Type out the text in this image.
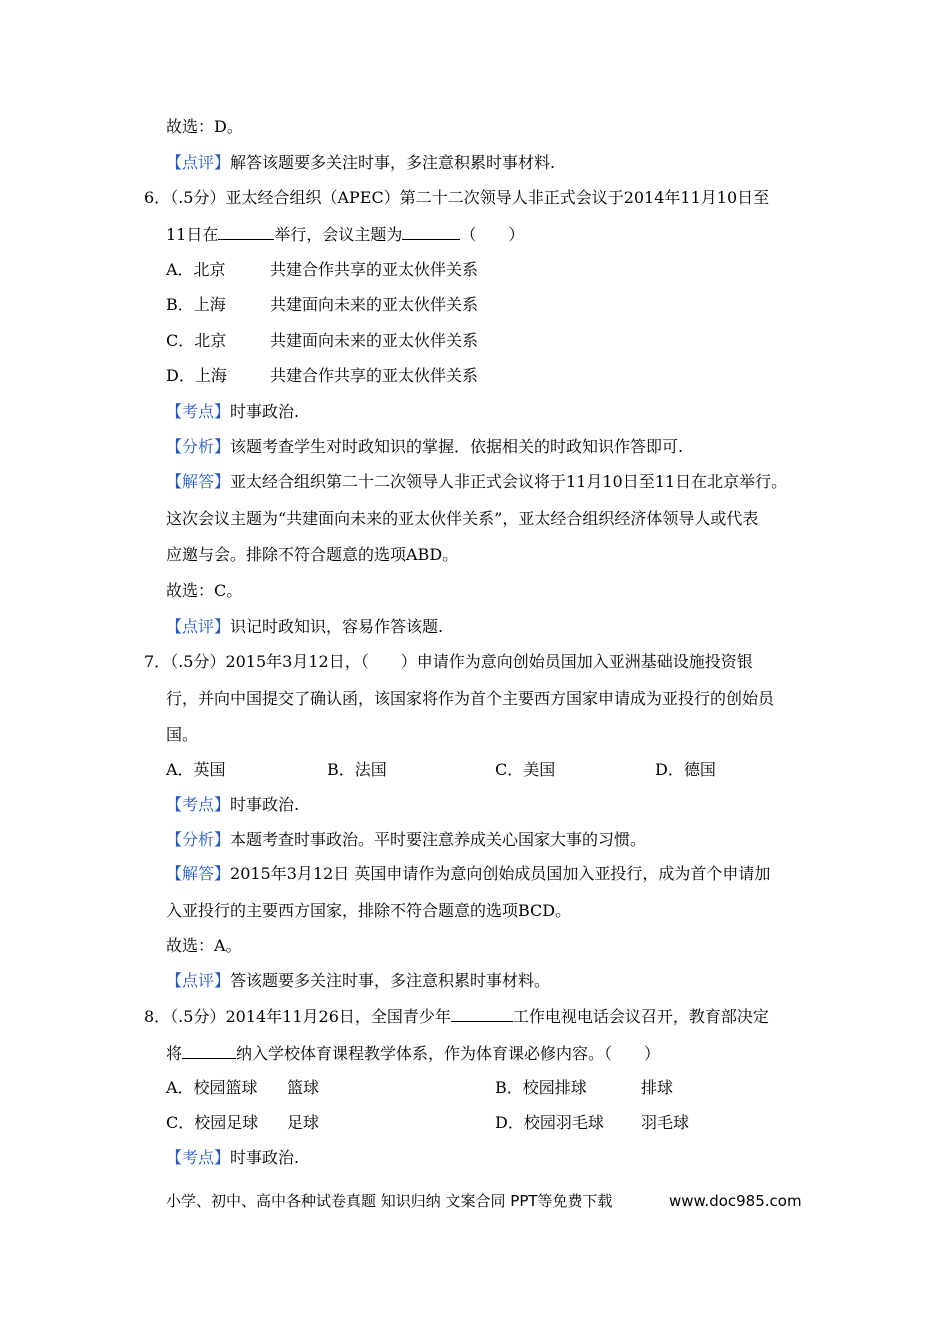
故选：D。
【点评】解答该题要多关注时事，多注意积累时事材料.
6．（.5分）亚太经合组织（APEC）第二十二次领导人非正式会议于2014年11月10日至
11日在	举行，会议主题为	（　　）
A．北京	共建合作共享的亚太伙伴关系
B．上海	共建面向未来的亚太伙伴关系
C．北京	共建面向未来的亚太伙伴关系
D．上海	共建合作共享的亚太伙伴关系
【考点】时事政治.
【分析】该题考查学生对时政知识的掌握．依据相关的时政知识作答即可.
【解答】亚太经合组织第二十二次领导人非正式会议将于11月10日至11日在北京举行。
这次会议主题为“共建面向未来的亚太伙伴关系”，亚太经合组织经济体领导人或代表
应邀与会。排除不符合题意的选项ABD。
故选：C。
【点评】识记时政知识，容易作答该题.
7．（.5分）2015年3月12日，（　　）申请作为意向创始员国加入亚洲基础设施投资银
行，并向中国提交了确认函，该国家将作为首个主要西方国家申请成为亚投行的创始员
国。
A．英国	B．法国	C．美国	D．德国
【考点】时事政治.
【分析】本题考查时事政治。平时要注意养成关心国家大事的习惯。
【解答】2015年3月12日 英国申请作为意向创始成员国加入亚投行，成为首个申请加
入亚投行的主要西方国家，排除不符合题意的选项BCD。
故选：A。
【点评】答该题要多关注时事，多注意积累时事材料。
8．（.5分）2014年11月26日，全国青少年	工作电视电话会议召开，教育部决定
将	纳入学校体育课程教学体系，作为体育课必修内容。（　　）
A．校园篮球 篮球	B．校园排球	排球
C．校园足球 足球	D．校园羽毛球 羽毛球
【考点】时事政治.
小学、初中、高中各种试卷真题 知识归纳 文案合同 PPT等免费下载	www.doc985.com
